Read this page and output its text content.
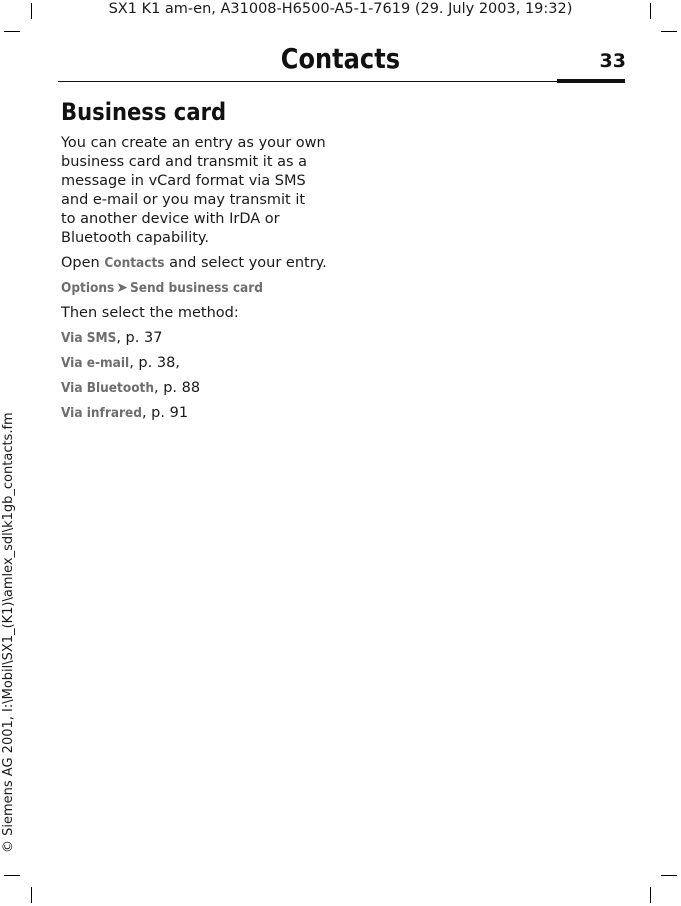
SX1 K1 am-en, A31008-H6500-A5-1-7619 (29. July 2003, 19:32)
© Siemens AG 2001, I:\Mobil\SX1_(K1)\amlex_sdl\k1gb_contacts.fm
Contacts	33
Business card
You can create an entry as your own
business card and transmit it as a
message in vCard format via SMS
and e-mail or you may transmit it
to another device with IrDA or
Bluetooth capability.
Open Contacts and select your entry.
Options ➤ Send business card
Then select the method:
Via SMS, p. 37
Via e-mail, p. 38,
Via Bluetooth, p. 88
Via infrared, p. 91
